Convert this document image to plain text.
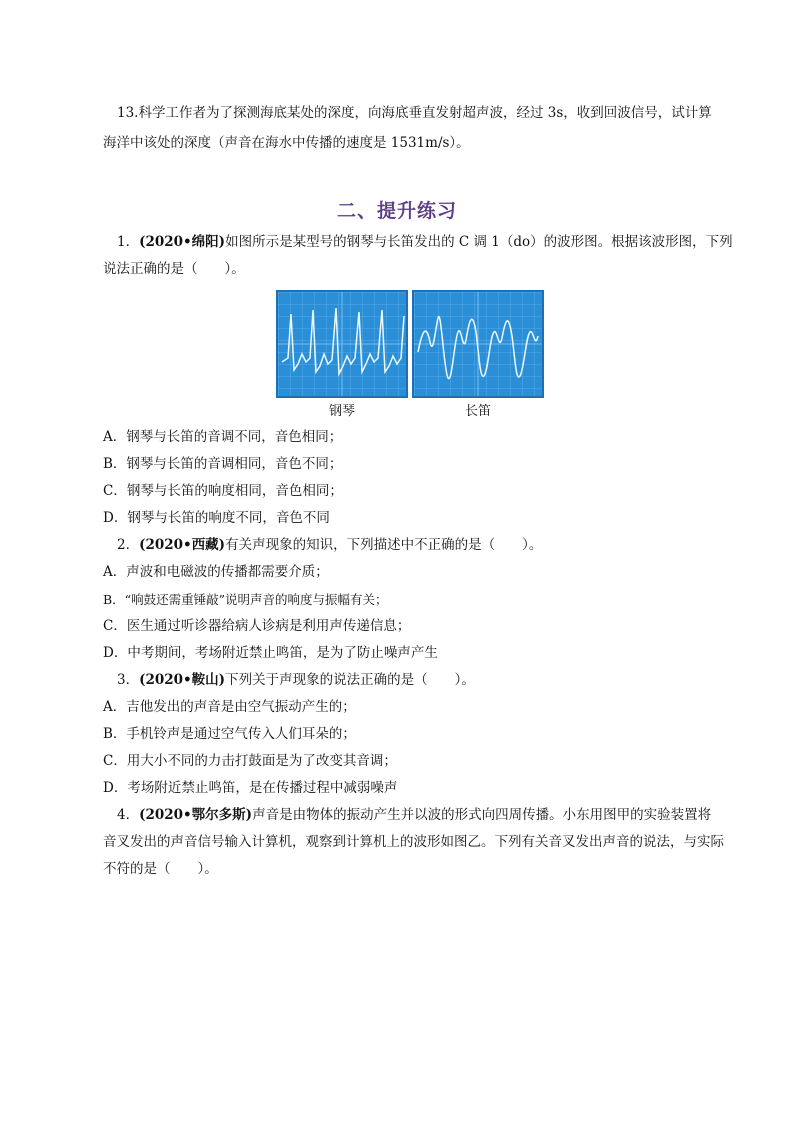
13.科学工作者为了探测海底某处的深度，向海底垂直发射超声波，经过 3s，收到回波信号，试计算
海洋中该处的深度（声音在海水中传播的速度是 1531m/s）。
二、提升练习
1．(2020•绵阳)如图所示是某型号的钢琴与长笛发出的 C 调 1（do）的波形图。根据该波形图，下列
说法正确的是（　　）。
钢琴	长笛
A．钢琴与长笛的音调不同，音色相同；
B．钢琴与长笛的音调相同，音色不同；
C．钢琴与长笛的响度相同，音色相同；
D．钢琴与长笛的响度不同，音色不同
2．(2020•西藏)有关声现象的知识，下列描述中不正确的是（　　）。
A．声波和电磁波的传播都需要介质；
B．“响鼓还需重锤敲”说明声音的响度与振幅有关；
C．医生通过听诊器给病人诊病是利用声传递信息；
D．中考期间，考场附近禁止鸣笛，是为了防止噪声产生
3．(2020•鞍山)下列关于声现象的说法正确的是（　　）。
A．吉他发出的声音是由空气振动产生的；
B．手机铃声是通过空气传入人们耳朵的；
C．用大小不同的力击打鼓面是为了改变其音调；
D．考场附近禁止鸣笛，是在传播过程中减弱噪声
4．(2020•鄂尔多斯)声音是由物体的振动产生并以波的形式向四周传播。小东用图甲的实验装置将
音叉发出的声音信号输入计算机，观察到计算机上的波形如图乙。下列有关音叉发出声音的说法，与实际
不符的是（　　）。
